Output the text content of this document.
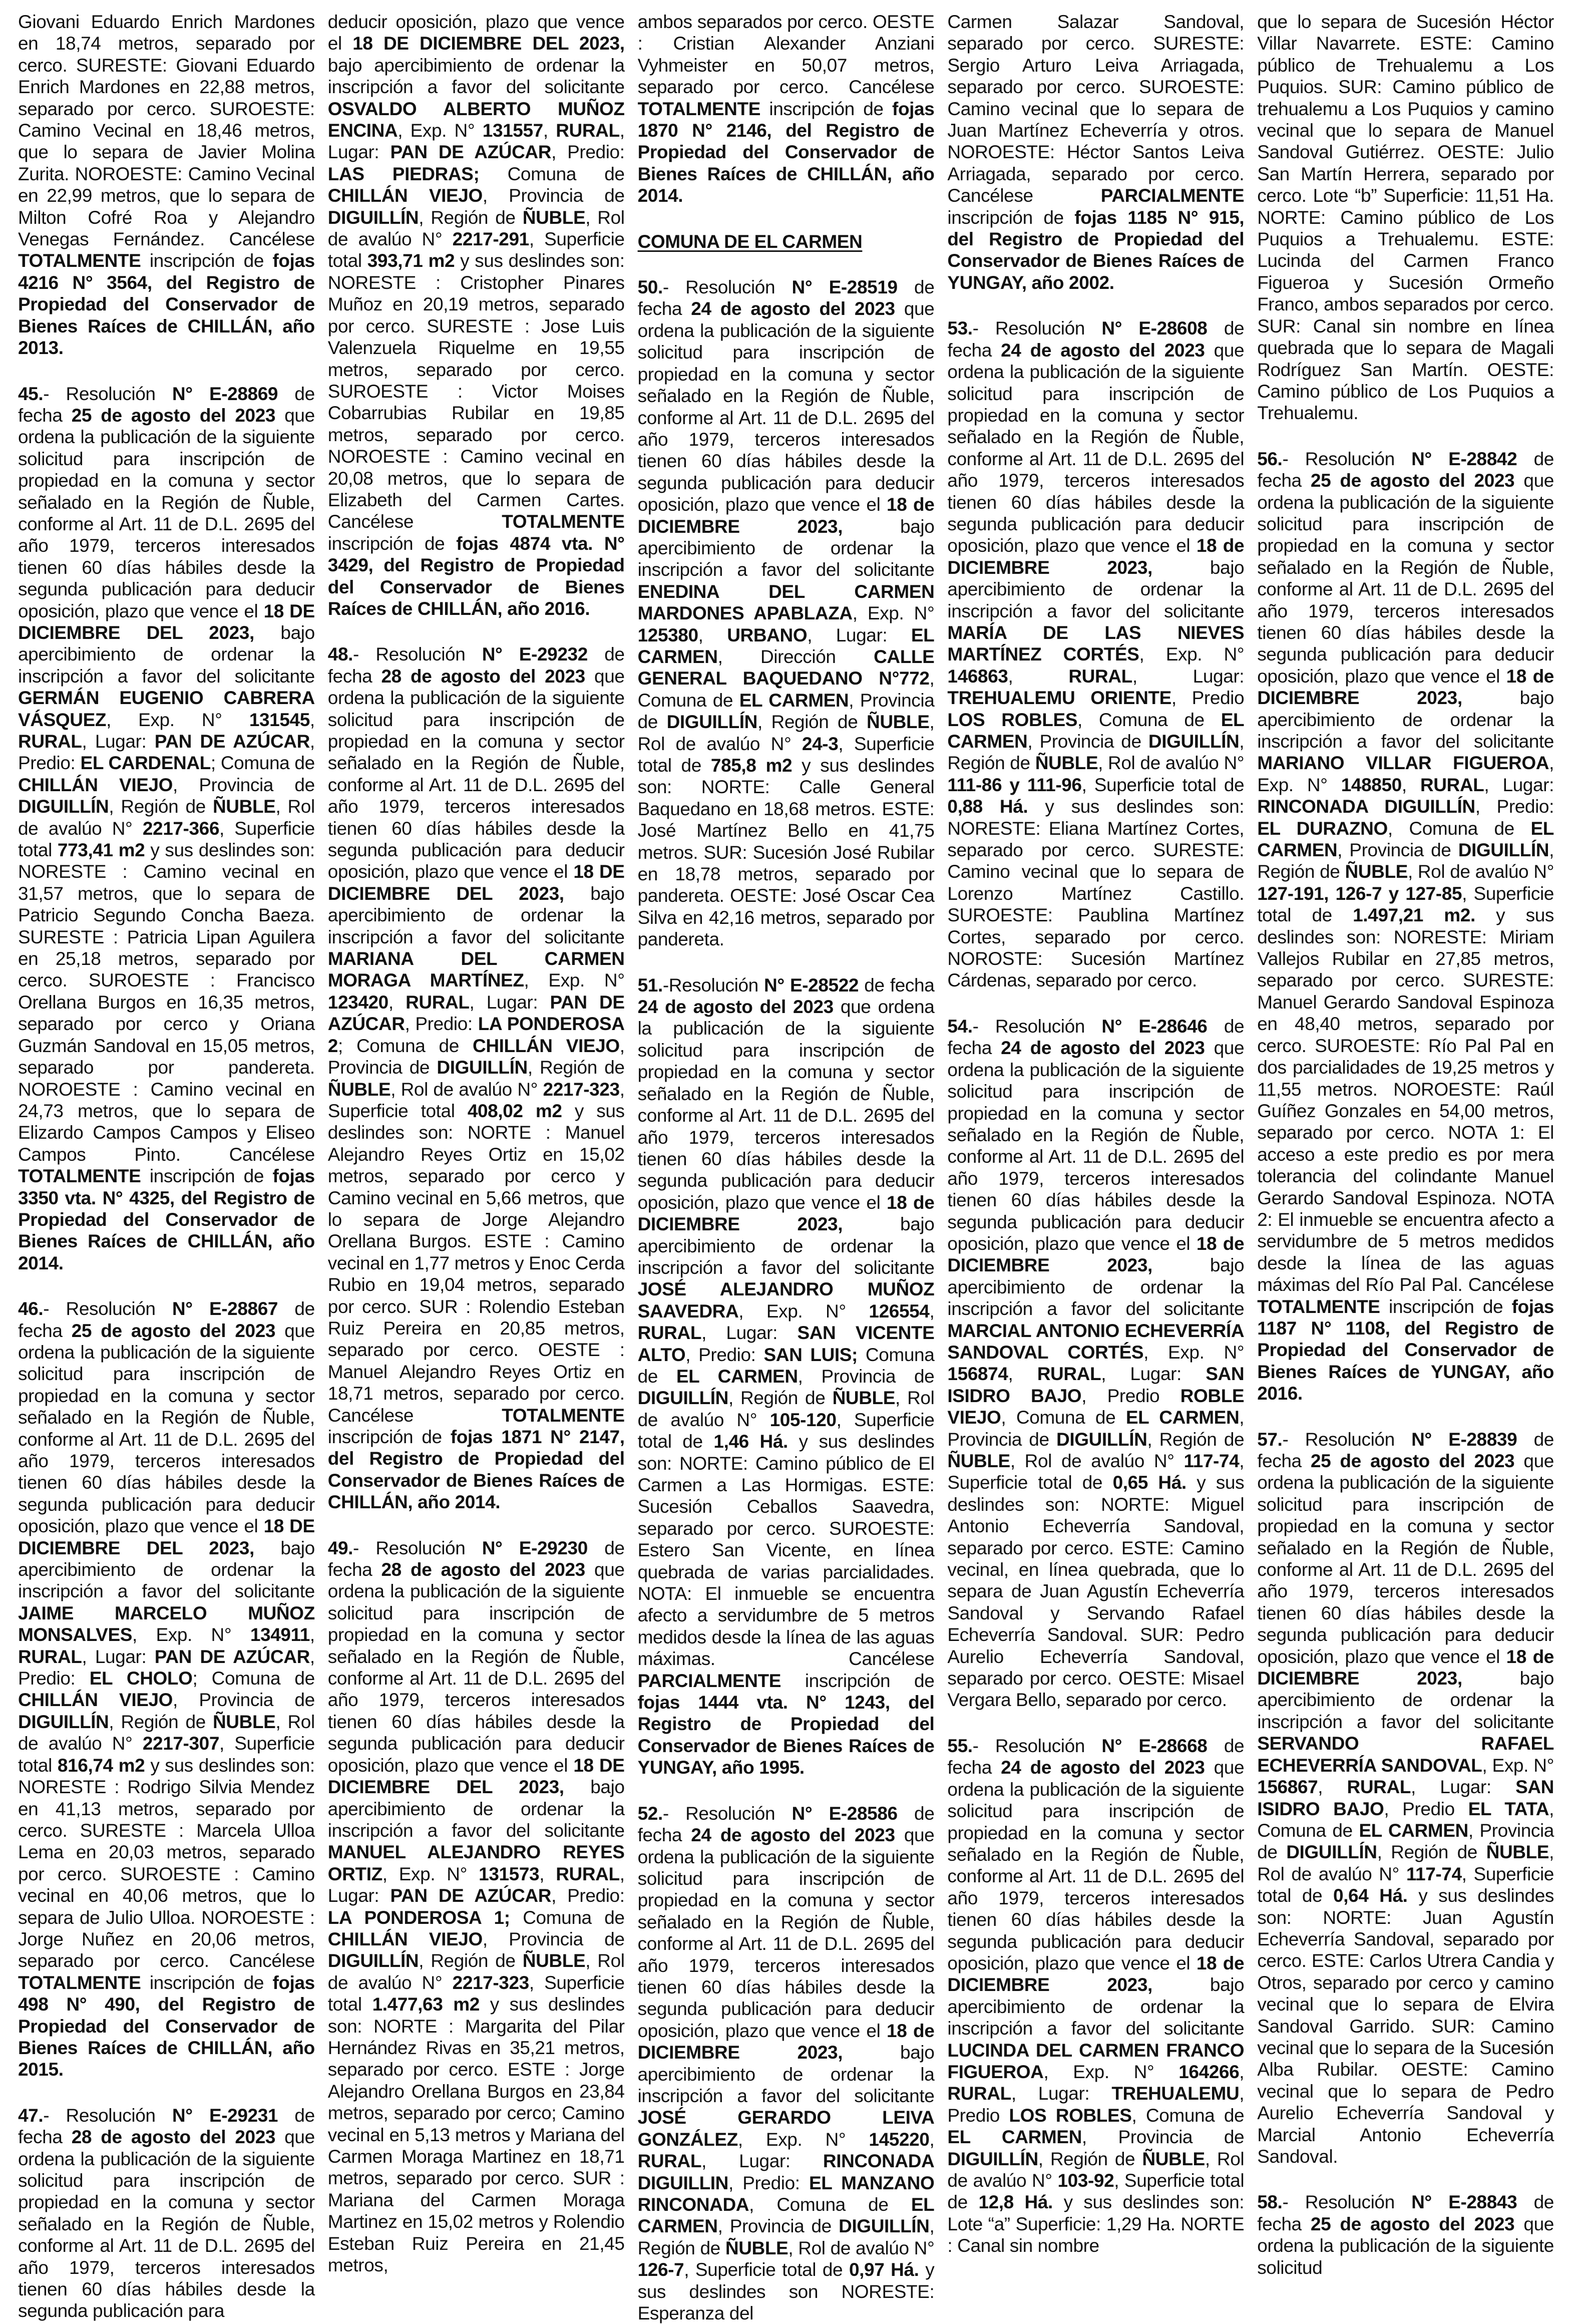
Giovani Eduardo Enrich Mardones en 18,74 metros, separado por cerco. SURESTE: Giovani Eduardo Enrich Mardones en 22,88 metros, separado por cerco. SUROESTE: Camino Vecinal en 18,46 metros, que lo separa de Javier Molina Zurita. NOROESTE: Camino Vecinal en 22,99 metros, que lo separa de Milton Cofré Roa y Alejandro Venegas Fernández. Cancélese TOTALMENTE inscripción de fojas 4216 N° 3564, del Registro de Propiedad del Conservador de Bienes Raíces de CHILLÁN, año 2013.

45.- Resolución N° E-28869 de fecha 25 de agosto del 2023 que ordena la publicación de la siguiente solicitud para inscripción de propiedad en la comuna y sector señalado en la Región de Ñuble, conforme al Art. 11 de D.L. 2695 del año 1979, terceros interesados tienen 60 días hábiles desde la segunda publicación para deducir oposición, plazo que vence el 18 DE DICIEMBRE DEL 2023, bajo apercibimiento de ordenar la inscripción a favor del solicitante GERMÁN EUGENIO CABRERA VÁSQUEZ, Exp. N° 131545, RURAL, Lugar: PAN DE AZÚCAR, Predio: EL CARDENAL; Comuna de CHILLÁN VIEJO, Provincia de DIGUILLÍN, Región de ÑUBLE, Rol de avalúo N° 2217-366, Superficie total 773,41 m2 y sus deslindes son: NORESTE : Camino vecinal en 31,57 metros, que lo separa de Patricio Segundo Concha Baeza. SURESTE : Patricia Lipan Aguilera en 25,18 metros, separado por cerco. SUROESTE : Francisco Orellana Burgos en 16,35 metros, separado por cerco y Oriana Guzmán Sandoval en 15,05 metros, separado por pandereta. NOROESTE : Camino vecinal en 24,73 metros, que lo separa de Elizardo Campos Campos y Eliseo Campos Pinto. Cancélese TOTALMENTE inscripción de fojas 3350 vta. N° 4325, del Registro de Propiedad del Conservador de Bienes Raíces de CHILLÁN, año 2014.

46.- Resolución N° E-28867 de fecha 25 de agosto del 2023 que ordena la publicación de la siguiente solicitud para inscripción de propiedad en la comuna y sector señalado en la Región de Ñuble, conforme al Art. 11 de D.L. 2695 del año 1979, terceros interesados tienen 60 días hábiles desde la segunda publicación para deducir oposición, plazo que vence el 18 DE DICIEMBRE DEL 2023, bajo apercibimiento de ordenar la inscripción a favor del solicitante JAIME MARCELO MUÑOZ MONSALVES, Exp. N° 134911, RURAL, Lugar: PAN DE AZÚCAR, Predio: EL CHOLO; Comuna de CHILLÁN VIEJO, Provincia de DIGUILLÍN, Región de ÑUBLE, Rol de avalúo N° 2217-307, Superficie total 816,74 m2 y sus deslindes son: NORESTE : Rodrigo Silvia Mendez en 41,13 metros, separado por cerco. SURESTE : Marcela Ulloa Lema en 20,03 metros, separado por cerco. SUROESTE : Camino vecinal en 40,06 metros, que lo separa de Julio Ulloa. NOROESTE : Jorge Nuñez en 20,06 metros, separado por cerco. Cancélese TOTALMENTE inscripción de fojas 498 N° 490, del Registro de Propiedad del Conservador de Bienes Raíces de CHILLÁN, año 2015.

47.- Resolución N° E-29231 de fecha 28 de agosto del 2023 que ordena la publicación de la siguiente solicitud para inscripción de propiedad en la comuna y sector señalado en la Región de Ñuble, conforme al Art. 11 de D.L. 2695 del año 1979, terceros interesados tienen 60 días hábiles desde la segunda publicación para

deducir oposición, plazo que vence el 18 DE DICIEMBRE DEL 2023, bajo apercibimiento de ordenar la inscripción a favor del solicitante OSVALDO ALBERTO MUÑOZ ENCINA, Exp. N° 131557, RURAL, Lugar: PAN DE AZÚCAR, Predio: LAS PIEDRAS; Comuna de CHILLÁN VIEJO, Provincia de DIGUILLÍN, Región de ÑUBLE, Rol de avalúo N° 2217-291, Superficie total 393,71 m2 y sus deslindes son: NORESTE : Cristopher Pinares Muñoz en 20,19 metros, separado por cerco. SURESTE : Jose Luis Valenzuela Riquelme en 19,55 metros, separado por cerco. SUROESTE : Victor Moises Cobarrubias Rubilar en 19,85 metros, separado por cerco. NOROESTE : Camino vecinal en 20,08 metros, que lo separa de Elizabeth del Carmen Cartes. Cancélese TOTALMENTE inscripción de fojas 4874 vta. N° 3429, del Registro de Propiedad del Conservador de Bienes Raíces de CHILLÁN, año 2016.

48.- Resolución N° E-29232 de fecha 28 de agosto del 2023 que ordena la publicación de la siguiente solicitud para inscripción de propiedad en la comuna y sector señalado en la Región de Ñuble, conforme al Art. 11 de D.L. 2695 del año 1979, terceros interesados tienen 60 días hábiles desde la segunda publicación para deducir oposición, plazo que vence el 18 DE DICIEMBRE DEL 2023, bajo apercibimiento de ordenar la inscripción a favor del solicitante MARIANA DEL CARMEN MORAGA MARTÍNEZ, Exp. N° 123420, RURAL, Lugar: PAN DE AZÚCAR, Predio: LA PONDEROSA 2; Comuna de CHILLÁN VIEJO, Provincia de DIGUILLÍN, Región de ÑUBLE, Rol de avalúo N° 2217-323, Superficie total 408,02 m2 y sus deslindes son: NORTE : Manuel Alejandro Reyes Ortiz en 15,02 metros, separado por cerco y Camino vecinal en 5,66 metros, que lo separa de Jorge Alejandro Orellana Burgos. ESTE : Camino vecinal en 1,77 metros y Enoc Cerda Rubio en 19,04 metros, separado por cerco. SUR : Rolendio Esteban Ruiz Pereira en 20,85 metros, separado por cerco. OESTE : Manuel Alejandro Reyes Ortiz en 18,71 metros, separado por cerco. Cancélese TOTALMENTE inscripción de fojas 1871 N° 2147, del Registro de Propiedad del Conservador de Bienes Raíces de CHILLÁN, año 2014.

49.- Resolución N° E-29230 de fecha 28 de agosto del 2023 que ordena la publicación de la siguiente solicitud para inscripción de propiedad en la comuna y sector señalado en la Región de Ñuble, conforme al Art. 11 de D.L. 2695 del año 1979, terceros interesados tienen 60 días hábiles desde la segunda publicación para deducir oposición, plazo que vence el 18 DE DICIEMBRE DEL 2023, bajo apercibimiento de ordenar la inscripción a favor del solicitante MANUEL ALEJANDRO REYES ORTIZ, Exp. N° 131573, RURAL, Lugar: PAN DE AZÚCAR, Predio: LA PONDEROSA 1; Comuna de CHILLÁN VIEJO, Provincia de DIGUILLÍN, Región de ÑUBLE, Rol de avalúo N° 2217-323, Superficie total 1.477,63 m2 y sus deslindes son: NORTE : Margarita del Pilar Hernández Rivas en 35,21 metros, separado por cerco. ESTE : Jorge Alejandro Orellana Burgos en 23,84 metros, separado por cerco; Camino vecinal en 5,13 metros y Mariana del Carmen Moraga Martinez en 18,71 metros, separado por cerco. SUR : Mariana del Carmen Moraga Martinez en 15,02 metros y Rolendio Esteban Ruiz Pereira en 21,45 metros,

ambos separados por cerco. OESTE : Cristian Alexander Anziani Vyhmeister en 50,07 metros, separado por cerco. Cancélese TOTALMENTE inscripción de fojas 1870 N° 2146, del Registro de Propiedad del Conservador de Bienes Raíces de CHILLÁN, año 2014.

COMUNA DE EL CARMEN

50.- Resolución N° E-28519 de fecha 24 de agosto del 2023 que ordena la publicación de la siguiente solicitud para inscripción de propiedad en la comuna y sector señalado en la Región de Ñuble, conforme al Art. 11 de D.L. 2695 del año 1979, terceros interesados tienen 60 días hábiles desde la segunda publicación para deducir oposición, plazo que vence el 18 de DICIEMBRE 2023, bajo apercibimiento de ordenar la inscripción a favor del solicitante ENEDINA DEL CARMEN MARDONES APABLAZA, Exp. N° 125380, URBANO, Lugar: EL CARMEN, Dirección CALLE GENERAL BAQUEDANO N°772, Comuna de EL CARMEN, Provincia de DIGUILLÍN, Región de ÑUBLE, Rol de avalúo N° 24-3, Superficie total de 785,8 m2 y sus deslindes son: NORTE: Calle General Baquedano en 18,68 metros. ESTE: José Martínez Bello en 41,75 metros. SUR: Sucesión José Rubilar en 18,78 metros, separado por pandereta. OESTE: José Oscar Cea Silva en 42,16 metros, separado por pandereta.

51.-Resolución N° E-28522 de fecha 24 de agosto del 2023 que ordena la publicación de la siguiente solicitud para inscripción de propiedad en la comuna y sector señalado en la Región de Ñuble, conforme al Art. 11 de D.L. 2695 del año 1979, terceros interesados tienen 60 días hábiles desde la segunda publicación para deducir oposición, plazo que vence el 18 de DICIEMBRE 2023, bajo apercibimiento de ordenar la inscripción a favor del solicitante JOSÉ ALEJANDRO MUÑOZ SAAVEDRA, Exp. N° 126554, RURAL, Lugar: SAN VICENTE ALTO, Predio: SAN LUIS; Comuna de EL CARMEN, Provincia de DIGUILLÍN, Región de ÑUBLE, Rol de avalúo N° 105-120, Superficie total de 1,46 Há. y sus deslindes son: NORTE: Camino público de El Carmen a Las Hormigas. ESTE: Sucesión Ceballos Saavedra, separado por cerco. SUROESTE: Estero San Vicente, en línea quebrada de varias parcialidades. NOTA: El inmueble se encuentra afecto a servidumbre de 5 metros medidos desde la línea de las aguas máximas. Cancélese PARCIALMENTE inscripción de fojas 1444 vta. N° 1243, del Registro de Propiedad del Conservador de Bienes Raíces de YUNGAY, año 1995.

52.- Resolución N° E-28586 de fecha 24 de agosto del 2023 que ordena la publicación de la siguiente solicitud para inscripción de propiedad en la comuna y sector señalado en la Región de Ñuble, conforme al Art. 11 de D.L. 2695 del año 1979, terceros interesados tienen 60 días hábiles desde la segunda publicación para deducir oposición, plazo que vence el 18 de DICIEMBRE 2023, bajo apercibimiento de ordenar la inscripción a favor del solicitante JOSÉ GERARDO LEIVA GONZÁLEZ, Exp. N° 145220, RURAL, Lugar: RINCONADA DIGUILLIN, Predio: EL MANZANO RINCONADA, Comuna de EL CARMEN, Provincia de DIGUILLÍN, Región de ÑUBLE, Rol de avalúo N° 126-7, Superficie total de 0,97 Há. y sus deslindes son NORESTE: Esperanza del

Carmen Salazar Sandoval, separado por cerco. SURESTE: Sergio Arturo Leiva Arriagada, separado por cerco. SUROESTE: Camino vecinal que lo separa de Juan Martínez Echeverría y otros. NOROESTE: Héctor Santos Leiva Arriagada, separado por cerco. Cancélese PARCIALMENTE inscripción de fojas 1185 N° 915, del Registro de Propiedad del Conservador de Bienes Raíces de YUNGAY, año 2002.

53.- Resolución N° E-28608 de fecha 24 de agosto del 2023 que ordena la publicación de la siguiente solicitud para inscripción de propiedad en la comuna y sector señalado en la Región de Ñuble, conforme al Art. 11 de D.L. 2695 del año 1979, terceros interesados tienen 60 días hábiles desde la segunda publicación para deducir oposición, plazo que vence el 18 de DICIEMBRE 2023, bajo apercibimiento de ordenar la inscripción a favor del solicitante MARÍA DE LAS NIEVES MARTÍNEZ CORTÉS, Exp. N° 146863, RURAL, Lugar: TREHUALEMU ORIENTE, Predio LOS ROBLES, Comuna de EL CARMEN, Provincia de DIGUILLÍN, Región de ÑUBLE, Rol de avalúo N° 111-86 y 111-96, Superficie total de 0,88 Há. y sus deslindes son: NORESTE: Eliana Martínez Cortes, separado por cerco. SURESTE: Camino vecinal que lo separa de Lorenzo Martínez Castillo. SUROESTE: Paublina Martínez Cortes, separado por cerco. NOROSTE: Sucesión Martínez Cárdenas, separado por cerco.

54.- Resolución N° E-28646 de fecha 24 de agosto del 2023 que ordena la publicación de la siguiente solicitud para inscripción de propiedad en la comuna y sector señalado en la Región de Ñuble, conforme al Art. 11 de D.L. 2695 del año 1979, terceros interesados tienen 60 días hábiles desde la segunda publicación para deducir oposición, plazo que vence el 18 de DICIEMBRE 2023, bajo apercibimiento de ordenar la inscripción a favor del solicitante MARCIAL ANTONIO ECHEVERRÍA SANDOVAL CORTÉS, Exp. N° 156874, RURAL, Lugar: SAN ISIDRO BAJO, Predio ROBLE VIEJO, Comuna de EL CARMEN, Provincia de DIGUILLÍN, Región de ÑUBLE, Rol de avalúo N° 117-74, Superficie total de 0,65 Há. y sus deslindes son: NORTE: Miguel Antonio Echeverría Sandoval, separado por cerco. ESTE: Camino vecinal, en línea quebrada, que lo separa de Juan Agustín Echeverría Sandoval y Servando Rafael Echeverría Sandoval. SUR: Pedro Aurelio Echeverría Sandoval, separado por cerco. OESTE: Misael Vergara Bello, separado por cerco.

55.- Resolución N° E-28668 de fecha 24 de agosto del 2023 que ordena la publicación de la siguiente solicitud para inscripción de propiedad en la comuna y sector señalado en la Región de Ñuble, conforme al Art. 11 de D.L. 2695 del año 1979, terceros interesados tienen 60 días hábiles desde la segunda publicación para deducir oposición, plazo que vence el 18 de DICIEMBRE 2023, bajo apercibimiento de ordenar la inscripción a favor del solicitante LUCINDA DEL CARMEN FRANCO FIGUEROA, Exp. N° 164266, RURAL, Lugar: TREHUALEMU, Predio LOS ROBLES, Comuna de EL CARMEN, Provincia de DIGUILLÍN, Región de ÑUBLE, Rol de avalúo N° 103-92, Superficie total de 12,8 Há. y sus deslindes son: Lote “a” Superficie: 1,29 Ha. NORTE : Canal sin nombre

que lo separa de Sucesión Héctor Villar Navarrete. ESTE: Camino público de Trehualemu a Los Puquios. SUR: Camino público de trehualemu a Los Puquios y camino vecinal que lo separa de Manuel Sandoval Gutiérrez. OESTE: Julio San Martín Herrera, separado por cerco. Lote “b” Superficie: 11,51 Ha. NORTE: Camino público de Los Puquios a Trehualemu. ESTE: Lucinda del Carmen Franco Figueroa y Sucesión Ormeño Franco, ambos separados por cerco. SUR: Canal sin nombre en línea quebrada que lo separa de Magali Rodríguez San Martín. OESTE: Camino público de Los Puquios a Trehualemu.

56.- Resolución N° E-28842 de fecha 25 de agosto del 2023 que ordena la publicación de la siguiente solicitud para inscripción de propiedad en la comuna y sector señalado en la Región de Ñuble, conforme al Art. 11 de D.L. 2695 del año 1979, terceros interesados tienen 60 días hábiles desde la segunda publicación para deducir oposición, plazo que vence el 18 de DICIEMBRE 2023, bajo apercibimiento de ordenar la inscripción a favor del solicitante MARIANO VILLAR FIGUEROA, Exp. N° 148850, RURAL, Lugar: RINCONADA DIGUILLÍN, Predio: EL DURAZNO, Comuna de EL CARMEN, Provincia de DIGUILLÍN, Región de ÑUBLE, Rol de avalúo N° 127-191, 126-7 y 127-85, Superficie total de 1.497,21 m2. y sus deslindes son: NORESTE: Miriam Vallejos Rubilar en 27,85 metros, separado por cerco. SURESTE: Manuel Gerardo Sandoval Espinoza en 48,40 metros, separado por cerco. SUROESTE: Río Pal Pal en dos parcialidades de 19,25 metros y 11,55 metros. NOROESTE: Raúl Guíñez Gonzales en 54,00 metros, separado por cerco. NOTA 1: El acceso a este predio es por mera tolerancia del colindante Manuel Gerardo Sandoval Espinoza. NOTA 2: El inmueble se encuentra afecto a servidumbre de 5 metros medidos desde la línea de las aguas máximas del Río Pal Pal. Cancélese TOTALMENTE inscripción de fojas 1187 N° 1108, del Registro de Propiedad del Conservador de Bienes Raíces de YUNGAY, año 2016.

57.- Resolución N° E-28839 de fecha 25 de agosto del 2023 que ordena la publicación de la siguiente solicitud para inscripción de propiedad en la comuna y sector señalado en la Región de Ñuble, conforme al Art. 11 de D.L. 2695 del año 1979, terceros interesados tienen 60 días hábiles desde la segunda publicación para deducir oposición, plazo que vence el 18 de DICIEMBRE 2023, bajo apercibimiento de ordenar la inscripción a favor del solicitante SERVANDO RAFAEL ECHEVERRÍA SANDOVAL, Exp. N° 156867, RURAL, Lugar: SAN ISIDRO BAJO, Predio EL TATA, Comuna de EL CARMEN, Provincia de DIGUILLÍN, Región de ÑUBLE, Rol de avalúo N° 117-74, Superficie total de 0,64 Há. y sus deslindes son: NORTE: Juan Agustín Echeverría Sandoval, separado por cerco. ESTE: Carlos Utrera Candia y Otros, separado por cerco y camino vecinal que lo separa de Elvira Sandoval Garrido. SUR: Camino vecinal que lo separa de la Sucesión Alba Rubilar. OESTE: Camino vecinal que lo separa de Pedro Aurelio Echeverría Sandoval y Marcial Antonio Echeverría Sandoval.

58.- Resolución N° E-28843 de fecha 25 de agosto del 2023 que ordena la publicación de la siguiente solicitud
